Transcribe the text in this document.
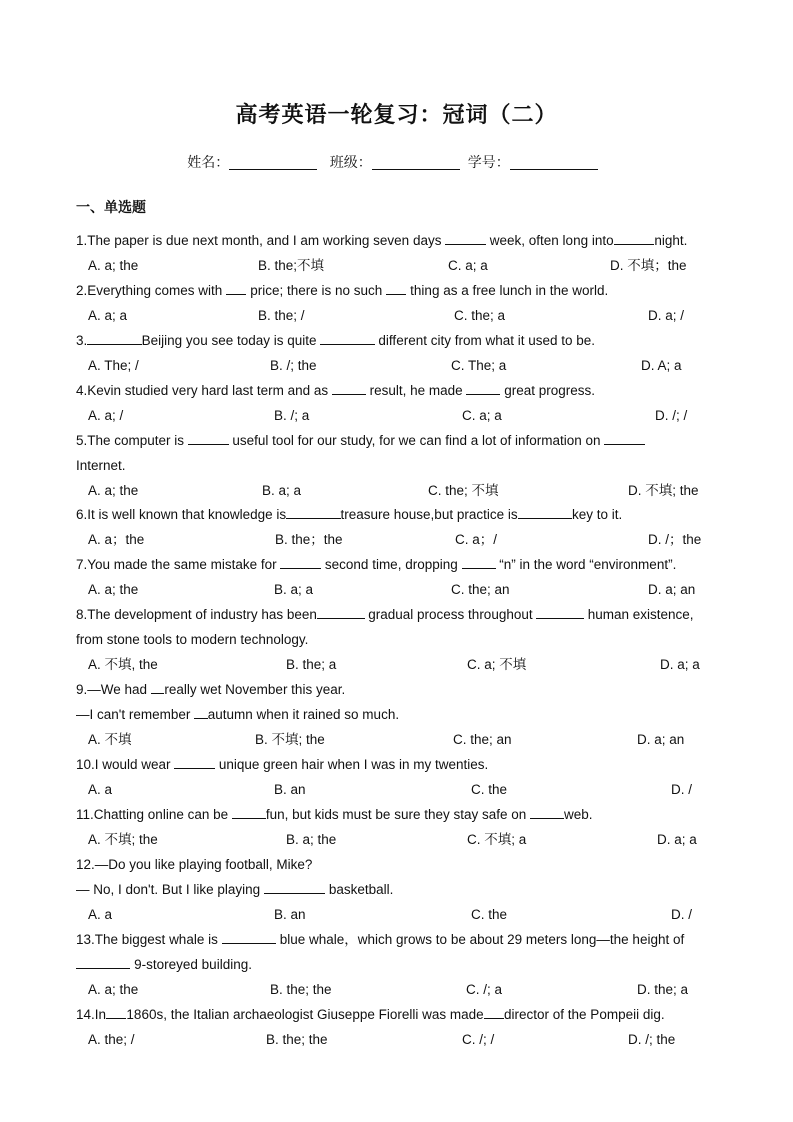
高考英语一轮复习：冠词（二）
姓名：	班级：	学号：
一、单选题
1.The paper is due next month, and I am working seven days	week, often long into	night.
A. a; the	B. the;不填	C. a; a	D. 不填；the
2.Everything comes with  price; there is no such  thing as a free lunch in the world.
A. a; a	B. the; /	C. the; a	D. a; /
3.	Beijing you see today is quite	different city from what it used to be.
A. The; /	B. /; the	C. The; a	D. A; a
4.Kevin studied very hard last term and as	result, he made	great progress.
A. a; /	B. /; a	C. a; a	D. /; /
5.The computer is	useful tool for our study, for we can find a lot of information on
Internet.
A. a; the	B. a; a	C. the; 不填	D. 不填; the
6.It is well known that knowledge is	treasure house,but practice is	key to it.
A. a；the	B. the；the	C. a；/	D. /；the
7.You made the same mistake for	second time, dropping	“n” in the word “environment”.
A. a; the	B. a; a	C. the; an	D. a; an
8.The development of industry has been	gradual process throughout	human existence,
from stone tools to modern technology.
A. 不填, the	B. the; a	C. a; 不填	D. a; a
9.—We had really wet November this year.
—I can't remember autumn when it rained so much.
A. 不填	B. 不填; the	C. the; an	D. a; an
10.I would wear	unique green hair when I was in my twenties.
A. a	B. an	C. the	D. /
11.Chatting online can be	fun, but kids must be sure they stay safe on	web.
A. 不填; the	B. a; the	C. 不填; a	D. a; a
12.—Do you like playing football, Mike?
— No, I don't. But I like playing	basketball.
A. a	B. an	C. the	D. /
13.The biggest whale is	blue whale，which grows to be about 29 meters long—the height of
9-storeyed building.
A. a; the	B. the; the	C. /; a	D. the; a
14.In 1860s, the Italian archaeologist Giuseppe Fiorelli was made director of the Pompeii dig.
A. the; /	B. the; the	C. /; /	D. /; the
